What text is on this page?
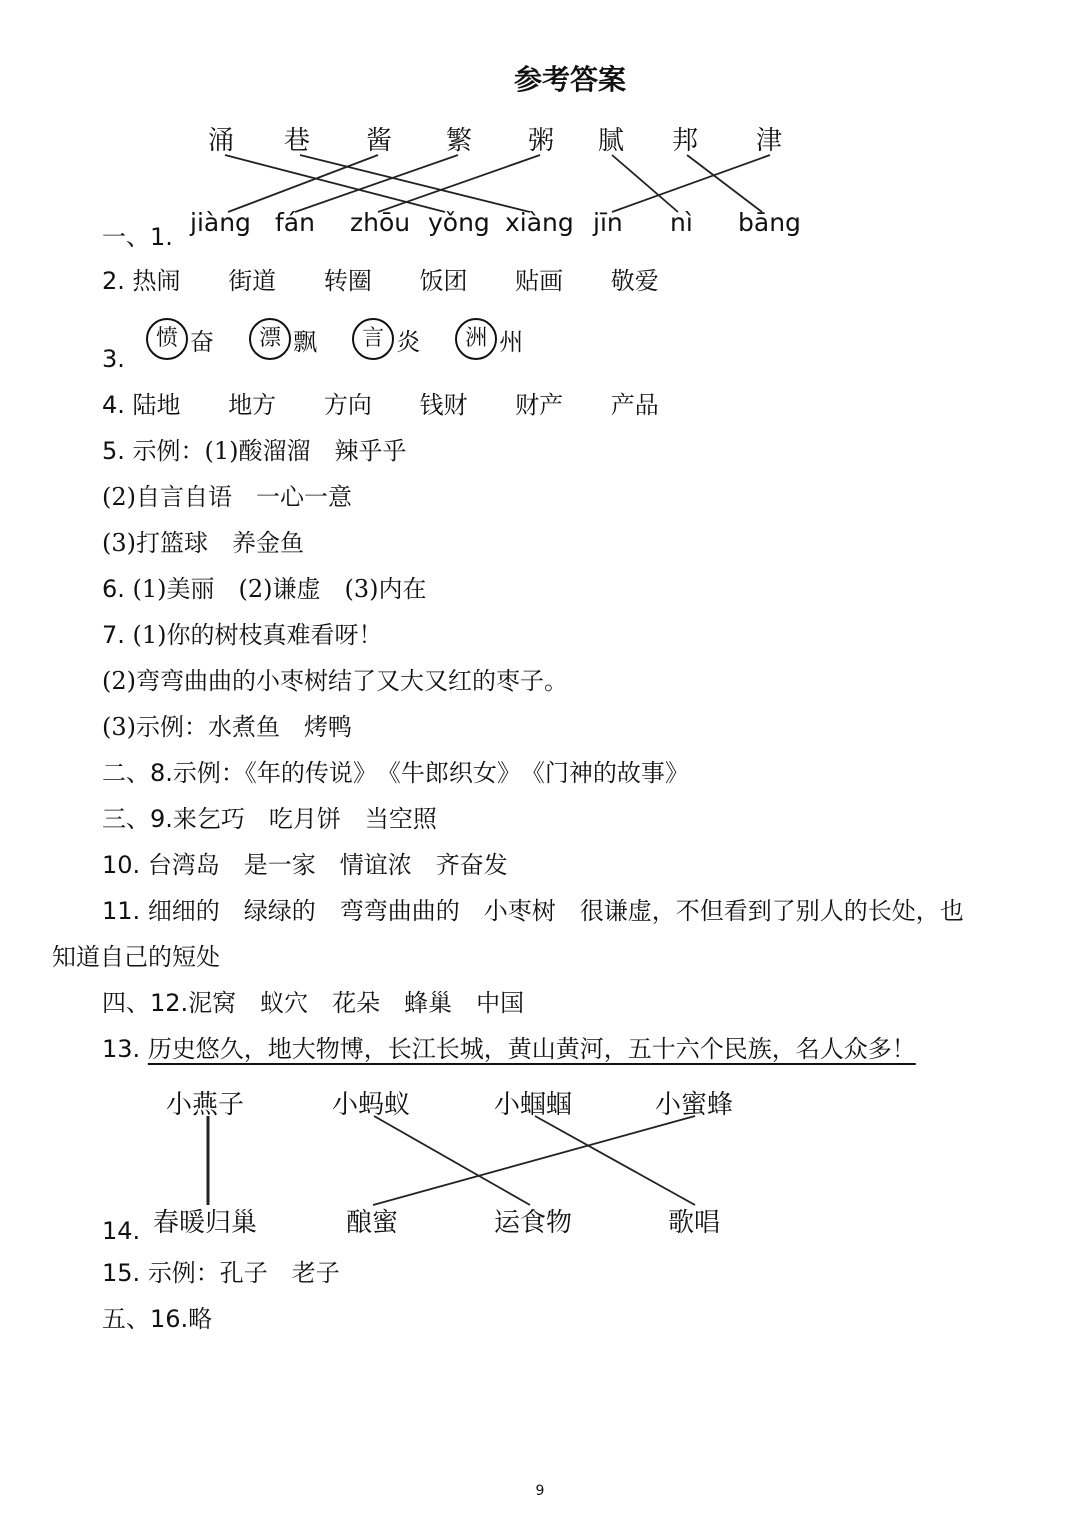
参考答案
涌 巷 酱 繁 粥 腻 邦 津
一、1. jiàng fán zhōu yǒng xiàng jīn nì bāng
2. 热闹 街道 转圈 饭团 贴画 敬爱
3.
愤 奋 漂 飘 言 炎 洲 州
4. 陆地 地方 方向 钱财 财产 产品
5. 示例：(1)酸溜溜　辣乎乎
(2)自言自语　一心一意
(3)打篮球　养金鱼
6. (1)美丽　(2)谦虚　(3)内在
7. (1)你的树枝真难看呀！
(2)弯弯曲曲的小枣树结了又大又红的枣子。
(3)示例：水煮鱼　烤鸭
二、8.示例：《年的传说》　《牛郎织女》　《门神的故事》
三、9.来乞巧　吃月饼　当空照
10. 台湾岛　是一家　情谊浓　齐奋发
11. 细细的　绿绿的　弯弯曲曲的　小枣树　很谦虚，不但看到了别人的长处，也
知道自己的短处
四、12.泥窝　蚁穴　花朵　蜂巢　中国
13. 历史悠久，地大物博，长江长城，黄山黄河，五十六个民族，名人众多！
小燕子	小蚂蚁	小蝈蝈	小蜜蜂
14. 春暖归巢	酿蜜	运食物	歌唱
15. 示例：孔子　老子
五、16.略
9
